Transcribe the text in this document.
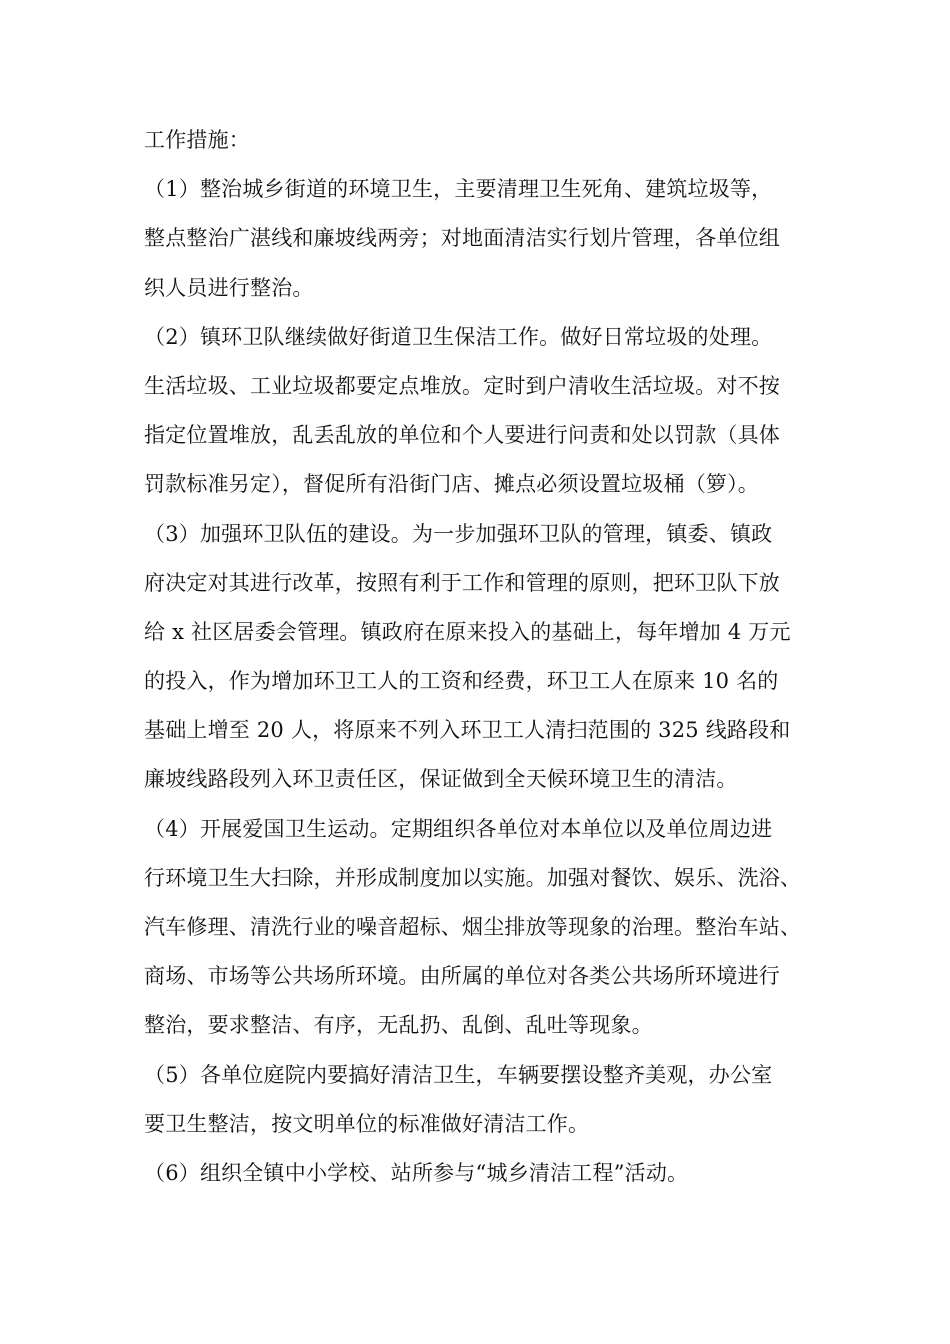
工作措施：
（1）整治城乡街道的环境卫生，主要清理卫生死角、建筑垃圾等，
整点整治广湛线和廉坡线两旁；对地面清洁实行划片管理，各单位组
织人员进行整治。
（2）镇环卫队继续做好街道卫生保洁工作。做好日常垃圾的处理。
生活垃圾、工业垃圾都要定点堆放。定时到户清收生活垃圾。对不按
指定位置堆放，乱丢乱放的单位和个人要进行问责和处以罚款（具体
罚款标准另定），督促所有沿街门店、摊点必须设置垃圾桶（箩）。
（3）加强环卫队伍的建设。为一步加强环卫队的管理，镇委、镇政
府决定对其进行改革，按照有利于工作和管理的原则，把环卫队下放
给 x 社区居委会管理。镇政府在原来投入的基础上，每年增加 4 万元
的投入，作为增加环卫工人的工资和经费，环卫工人在原来 10 名的
基础上增至 20 人，将原来不列入环卫工人清扫范围的 325 线路段和
廉坡线路段列入环卫责任区，保证做到全天候环境卫生的清洁。
（4）开展爱国卫生运动。定期组织各单位对本单位以及单位周边进
行环境卫生大扫除，并形成制度加以实施。加强对餐饮、娱乐、洗浴、
汽车修理、清洗行业的噪音超标、烟尘排放等现象的治理。整治车站、
商场、市场等公共场所环境。由所属的单位对各类公共场所环境进行
整治，要求整洁、有序，无乱扔、乱倒、乱吐等现象。
（5）各单位庭院内要搞好清洁卫生，车辆要摆设整齐美观，办公室
要卫生整洁，按文明单位的标准做好清洁工作。
（6）组织全镇中小学校、站所参与“城乡清洁工程”活动。
